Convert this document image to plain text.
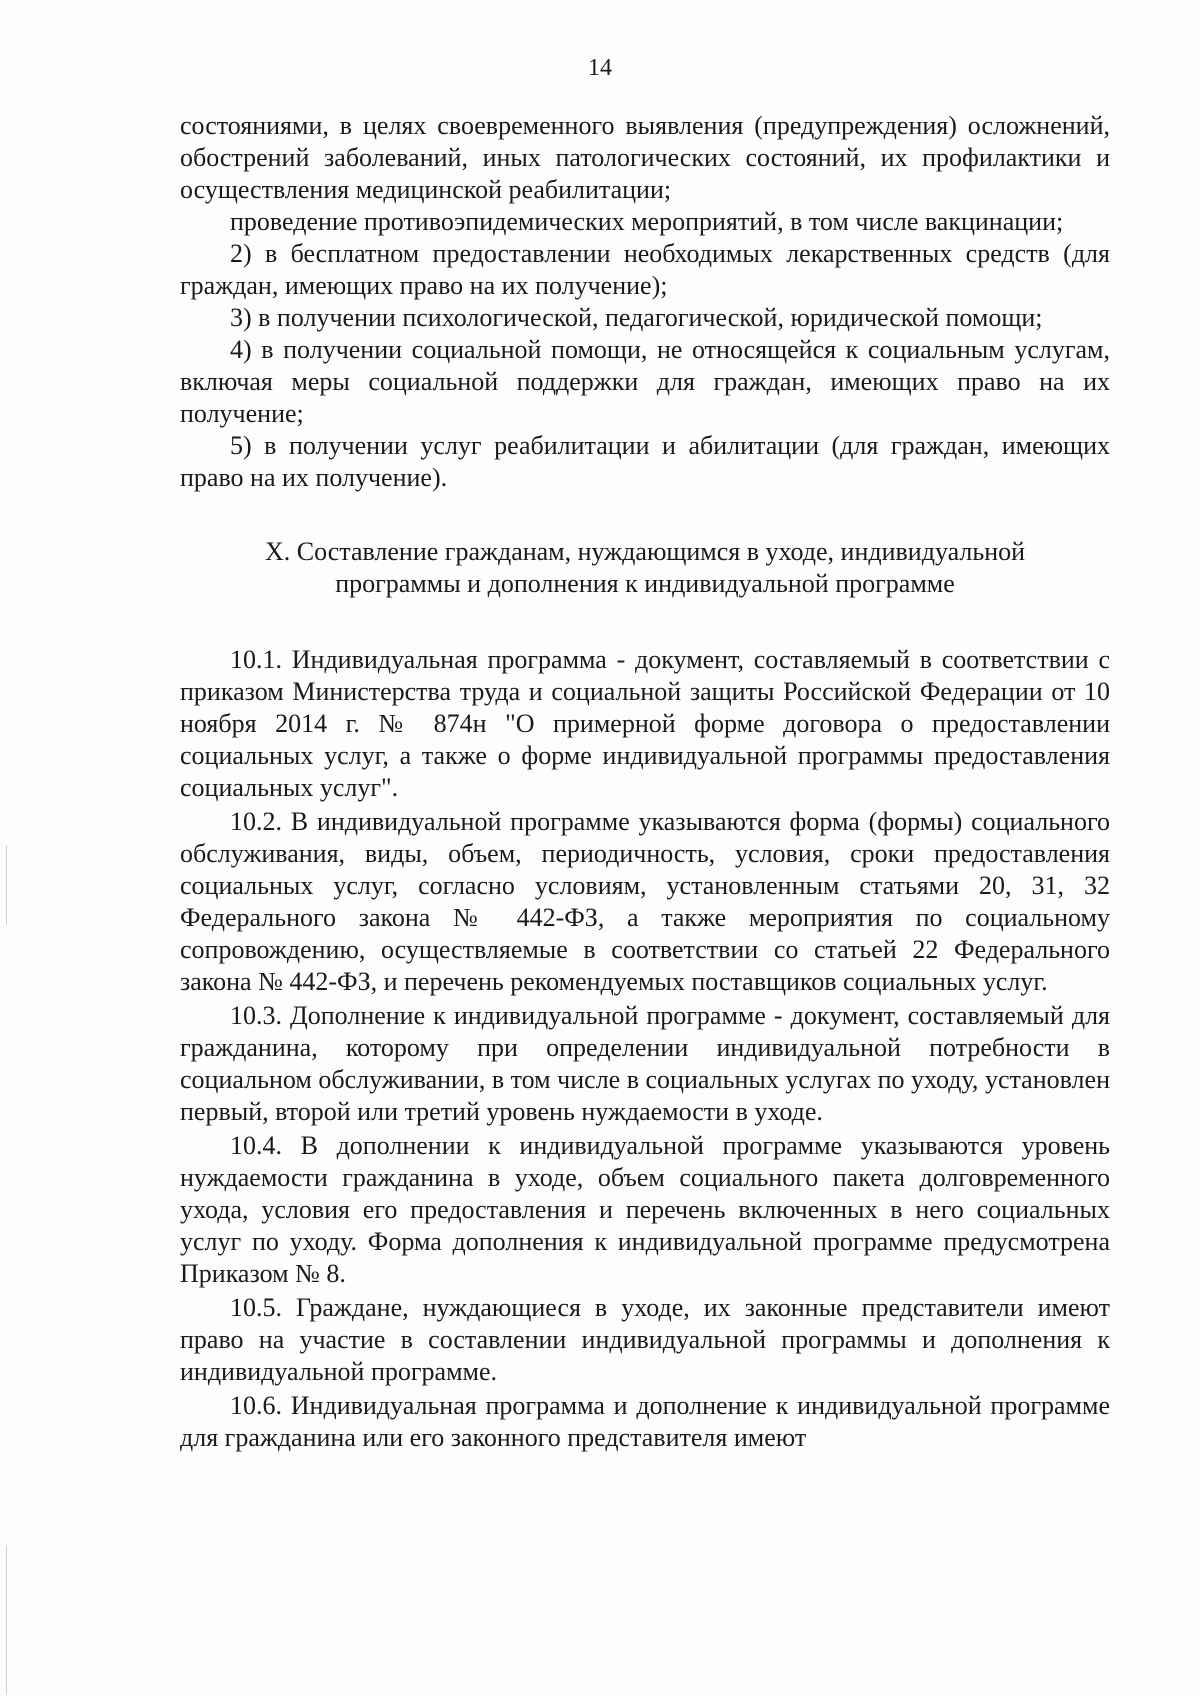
14

состояниями, в целях своевременного выявления (предупреждения) осложнений, обострений заболеваний, иных патологических состояний, их профилактики и осуществления медицинской реабилитации;

проведение противоэпидемических мероприятий, в том числе вакцинации;

2) в бесплатном предоставлении необходимых лекарственных средств (для граждан, имеющих право на их получение);

3) в получении психологической, педагогической, юридической помощи;

4) в получении социальной помощи, не относящейся к социальным услугам, включая меры социальной поддержки для граждан, имеющих право на их получение;

5) в получении услуг реабилитации и абилитации (для граждан, имеющих право на их получение).

X. Составление гражданам, нуждающимся в уходе, индивидуальной
программы и дополнения к индивидуальной программе

10.1. Индивидуальная программа - документ, составляемый в соответствии с приказом Министерства труда и социальной защиты Российской Федерации от 10 ноября 2014 г. № 874н "О примерной форме договора о предоставлении социальных услуг, а также о форме индивидуальной программы предоставления социальных услуг".

10.2. В индивидуальной программе указываются форма (формы) социального обслуживания, виды, объем, периодичность, условия, сроки предоставления социальных услуг, согласно условиям, установленным статьями 20, 31, 32 Федерального закона № 442-ФЗ, а также мероприятия по социальному сопровождению, осуществляемые в соответствии со статьей 22 Федерального закона № 442-ФЗ, и перечень рекомендуемых поставщиков социальных услуг.

10.3. Дополнение к индивидуальной программе - документ, составляемый для гражданина, которому при определении индивидуальной потребности в социальном обслуживании, в том числе в социальных услугах по уходу, установлен первый, второй или третий уровень нуждаемости в уходе.

10.4. В дополнении к индивидуальной программе указываются уровень нуждаемости гражданина в уходе, объем социального пакета долговременного ухода, условия его предоставления и перечень включенных в него социальных услуг по уходу. Форма дополнения к индивидуальной программе предусмотрена Приказом № 8.

10.5. Граждане, нуждающиеся в уходе, их законные представители имеют право на участие в составлении индивидуальной программы и дополнения к индивидуальной программе.

10.6. Индивидуальная программа и дополнение к индивидуальной программе для гражданина или его законного представителя имеют
